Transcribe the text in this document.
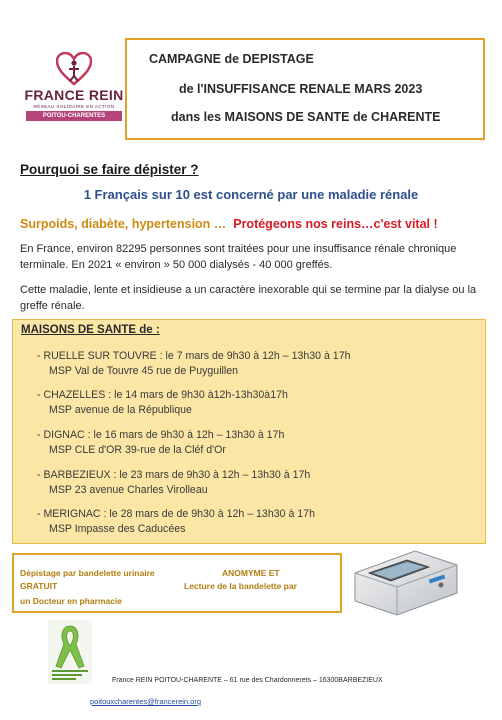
FRANCE REIN
RÉSEAU SOLIDAIRE EN ACTION
POITOU-CHARENTES
CAMPAGNE de DEPISTAGE
de l'INSUFFISANCE RENALE MARS 2023
dans les MAISONS DE SANTE de CHARENTE
Pourquoi se faire dépister ?
1 Français sur 10 est concerné par une maladie rénale
Surpoids, diabète, hypertension … Protégeons nos reins…c'est vital !
En France, environ 82295 personnes sont traitées pour une insuffisance rénale chronique terminale. En 2021 « environ » 50 000 dialysés - 40 000 greffés.
Cette maladie, lente et insidieuse a un caractère inexorable qui se termine par la dialyse ou la greffe rénale.
MAISONS DE SANTE de :
- RUELLE SUR TOUVRE : le 7 mars de 9h30 à 12h – 13h30 à 17h
MSP Val de Touvre 45 rue de Puyguillen
- CHAZELLES : le 14 mars de 9h30 à12h-13h30à17h
MSP avenue de la République
- DIGNAC : le 16 mars de 9h30 à 12h – 13h30 à 17h
MSP CLE d'OR 39-rue de la Cléf d'Or
- BARBEZIEUX : le 23 mars de 9h30 à 12h – 13h30 à 17h
MSP 23 avenue Charles Virolleau
- MERIGNAC : le 28 mars de de 9h30 à 12h – 13h30 à 17h
MSP Impasse des Caducées
Dépistage par bandelette urinaire
GRATUIT
un Docteur en pharmacie
ANOMYME ET
Lecture de la bandelette par
France REIN POITOU-CHARENTE – 61 rue des Chardonnerets – 16300BARBEZIEUX
poitouxcharentes@francerein.org
